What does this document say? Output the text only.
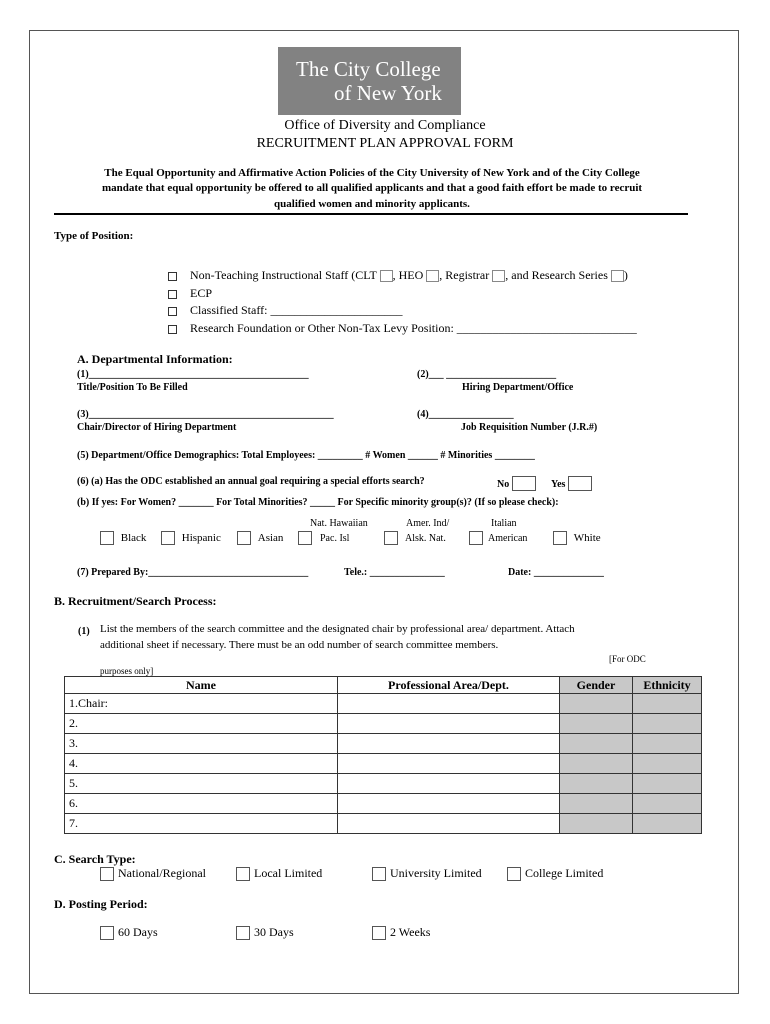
The City College
of New York
Office of Diversity and Compliance
RECRUITMENT PLAN APPROVAL FORM
The Equal Opportunity and Affirmative Action Policies of the City University of New York and of the City College
mandate that equal opportunity be offered to all qualified applicants and that a good faith effort be made to recruit
qualified women and minority applicants.
Type of Position:
Non-Teaching Instructional Staff (CLT , HEO , Registrar , and Research Series )
ECP
Classified Staff: ______________________
Research Foundation or Other Non-Tax Levy Position: ______________________________
A. Departmental Information:
(1)____________________________________________
Title/Position To Be Filled
(2)___ ______________________
Hiring Department/Office
(3)_________________________________________________
Chair/Director of Hiring Department
(4)_________________
Job Requisition Number (J.R.#)
(5) Department/Office Demographics: Total Employees: _________ # Women ______ # Minorities ________
(6) (a) Has the ODC established an annual goal requiring a special efforts search?	No	Yes
(b) If yes: For Women? _______ For Total Minorities? _____ For Specific minority group(s)? (If so please check):
Black	Hispanic	Asian
Nat. Hawaiian
Pac. Isl
Amer. Ind/
Alsk. Nat.
Italian
American	White
(7) Prepared By:________________________________	Tele.: _______________	Date: ______________
B. Recruitment/Search Process:
(1) List the members of the search committee and the designated chair by professional area/ department. Attach
additional sheet if necessary. There must be an odd number of search committee members.
[For ODC
purposes only]
Name	Professional Area/Dept.	Gender	Ethnicity
1.Chair:			
2.			
3.			
4.			
5.			
6.			
7.			
C. Search Type:
National/Regional	Local Limited	University Limited	College Limited
D. Posting Period:
60 Days	30 Days	2 Weeks
